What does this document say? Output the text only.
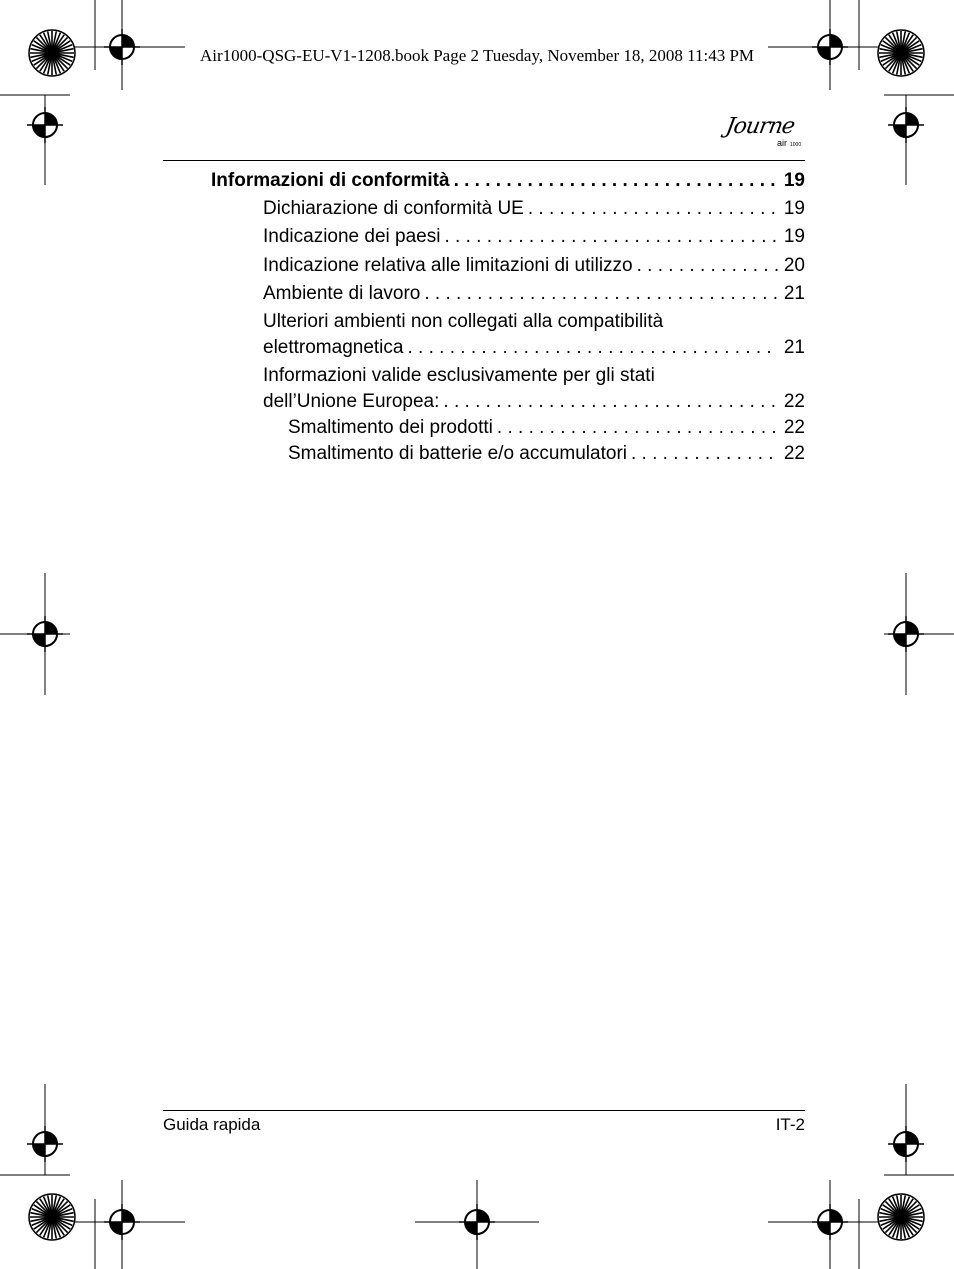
Air1000-QSG-EU-V1-1208.book Page 2 Tuesday, November 18, 2008 11:43 PM
Journe
air 1000
Informazioni di conformità . . .	19
Dichiarazione di conformità UE . . .	19
Indicazione dei paesi . . .	19
Indicazione relativa alle limitazioni di utilizzo . . .	20
Ambiente di lavoro . . .	21
Ulteriori ambienti non collegati alla compatibilità
elettromagnetica . . .	21
Informazioni valide esclusivamente per gli stati
dell’Unione Europea: . . .	22
Smaltimento dei prodotti . . .	22
Smaltimento di batterie e/o accumulatori . . .	22
Guida rapida	IT-2
